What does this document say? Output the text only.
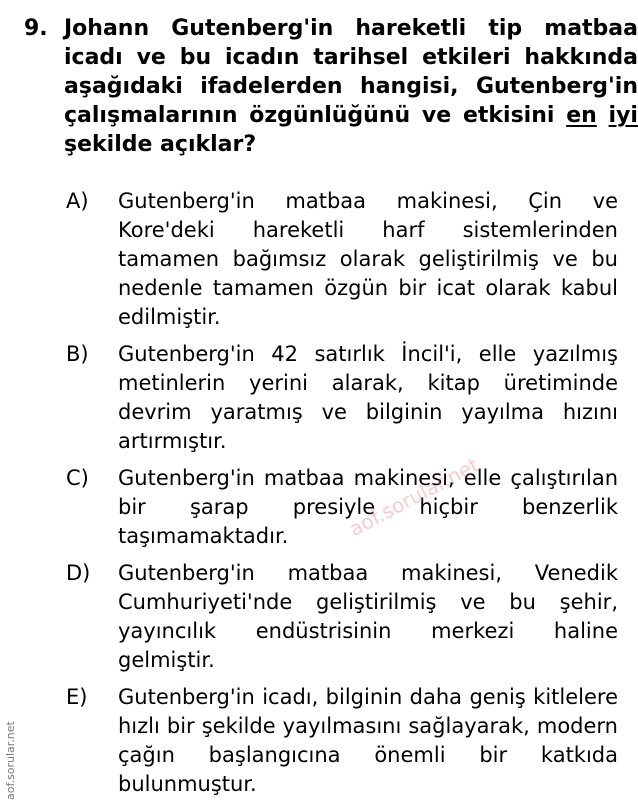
9. Johann Gutenberg'in hareketli tip matbaa icadı ve bu icadın tarihsel etkileri hakkında aşağıdaki ifadelerden hangisi, Gutenberg'in çalışmalarının özgünlüğünü ve etkisini en iyi şekilde açıklar?
A) Gutenberg'in matbaa makinesi, Çin ve Kore'deki hareketli harf sistemlerinden tamamen bağımsız olarak geliştirilmiş ve bu nedenle tamamen özgün bir icat olarak kabul edilmiştir.
B) Gutenberg'in 42 satırlık İncil'i, elle yazılmış metinlerin yerini alarak, kitap üretiminde devrim yaratmış ve bilginin yayılma hızını artırmıştır.
C) Gutenberg'in matbaa makinesi, elle çalıştırılan bir şarap presiyle hiçbir benzerlik taşımamaktadır.
D) Gutenberg'in matbaa makinesi, Venedik Cumhuriyeti'nde geliştirilmiş ve bu şehir, yayıncılık endüstrisinin merkezi haline gelmiştir.
E) Gutenberg'in icadı, bilginin daha geniş kitlelere hızlı bir şekilde yayılmasını sağlayarak, modern çağın başlangıcına önemli bir katkıda bulunmuştur.
aof.sorular.net
aof.sorular.net
